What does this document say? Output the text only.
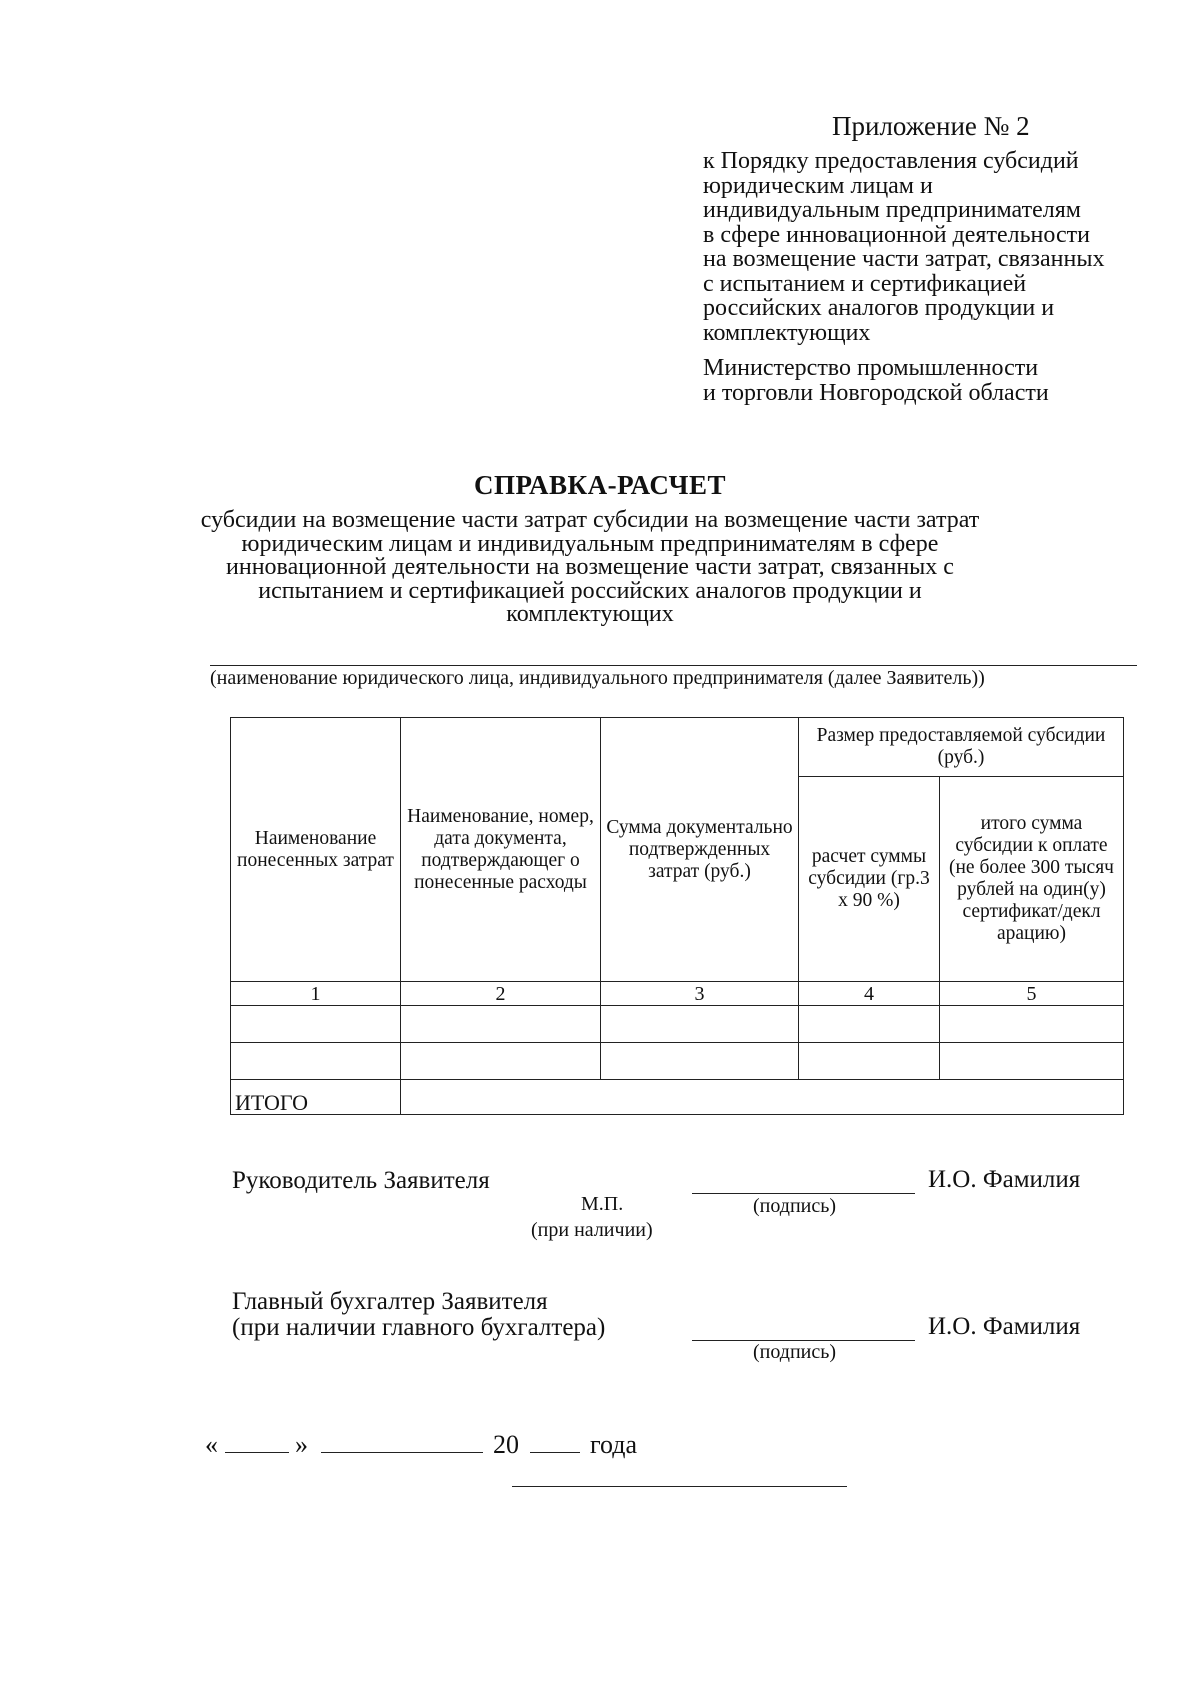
Приложение № 2
к Порядку предоставления субсидий
юридическим лицам и
индивидуальным предпринимателям
в сфере инновационной деятельности
на возмещение части затрат, связанных
с испытанием и сертификацией
российских аналогов продукции и
комплектующих
Министерство промышленности
и торговли Новгородской области
СПРАВКА-РАСЧЕТ
субсидии на возмещение части затрат субсидии на возмещение части затрат
юридическим лицам и индивидуальным предпринимателям в сфере
инновационной деятельности на возмещение части затрат, связанных с
испытанием и сертификацией российских аналогов продукции и
комплектующих
(наименование юридического лица, индивидуального предпринимателя (далее Заявитель))
Наименование понесенных затрат	Наименование, номер, дата документа, подтверждающег о понесенные расходы	Сумма документально подтвержденных затрат (руб.)	Размер предоставляемой субсидии (руб.)	
			расчет суммы субсидии (гр.3 х 90 %)	итого сумма субсидии к оплате (не более 300 тысяч рублей на один(у) сертификат/декл арацию)
1	2	3	4	5

ИТОГО				
Руководитель Заявителя	И.О. Фамилия
М.П.	(подпись)
(при наличии)
Главный бухгалтер Заявителя
(при наличии главного бухгалтера)	И.О. Фамилия
(подпись)
«	»	20	года
